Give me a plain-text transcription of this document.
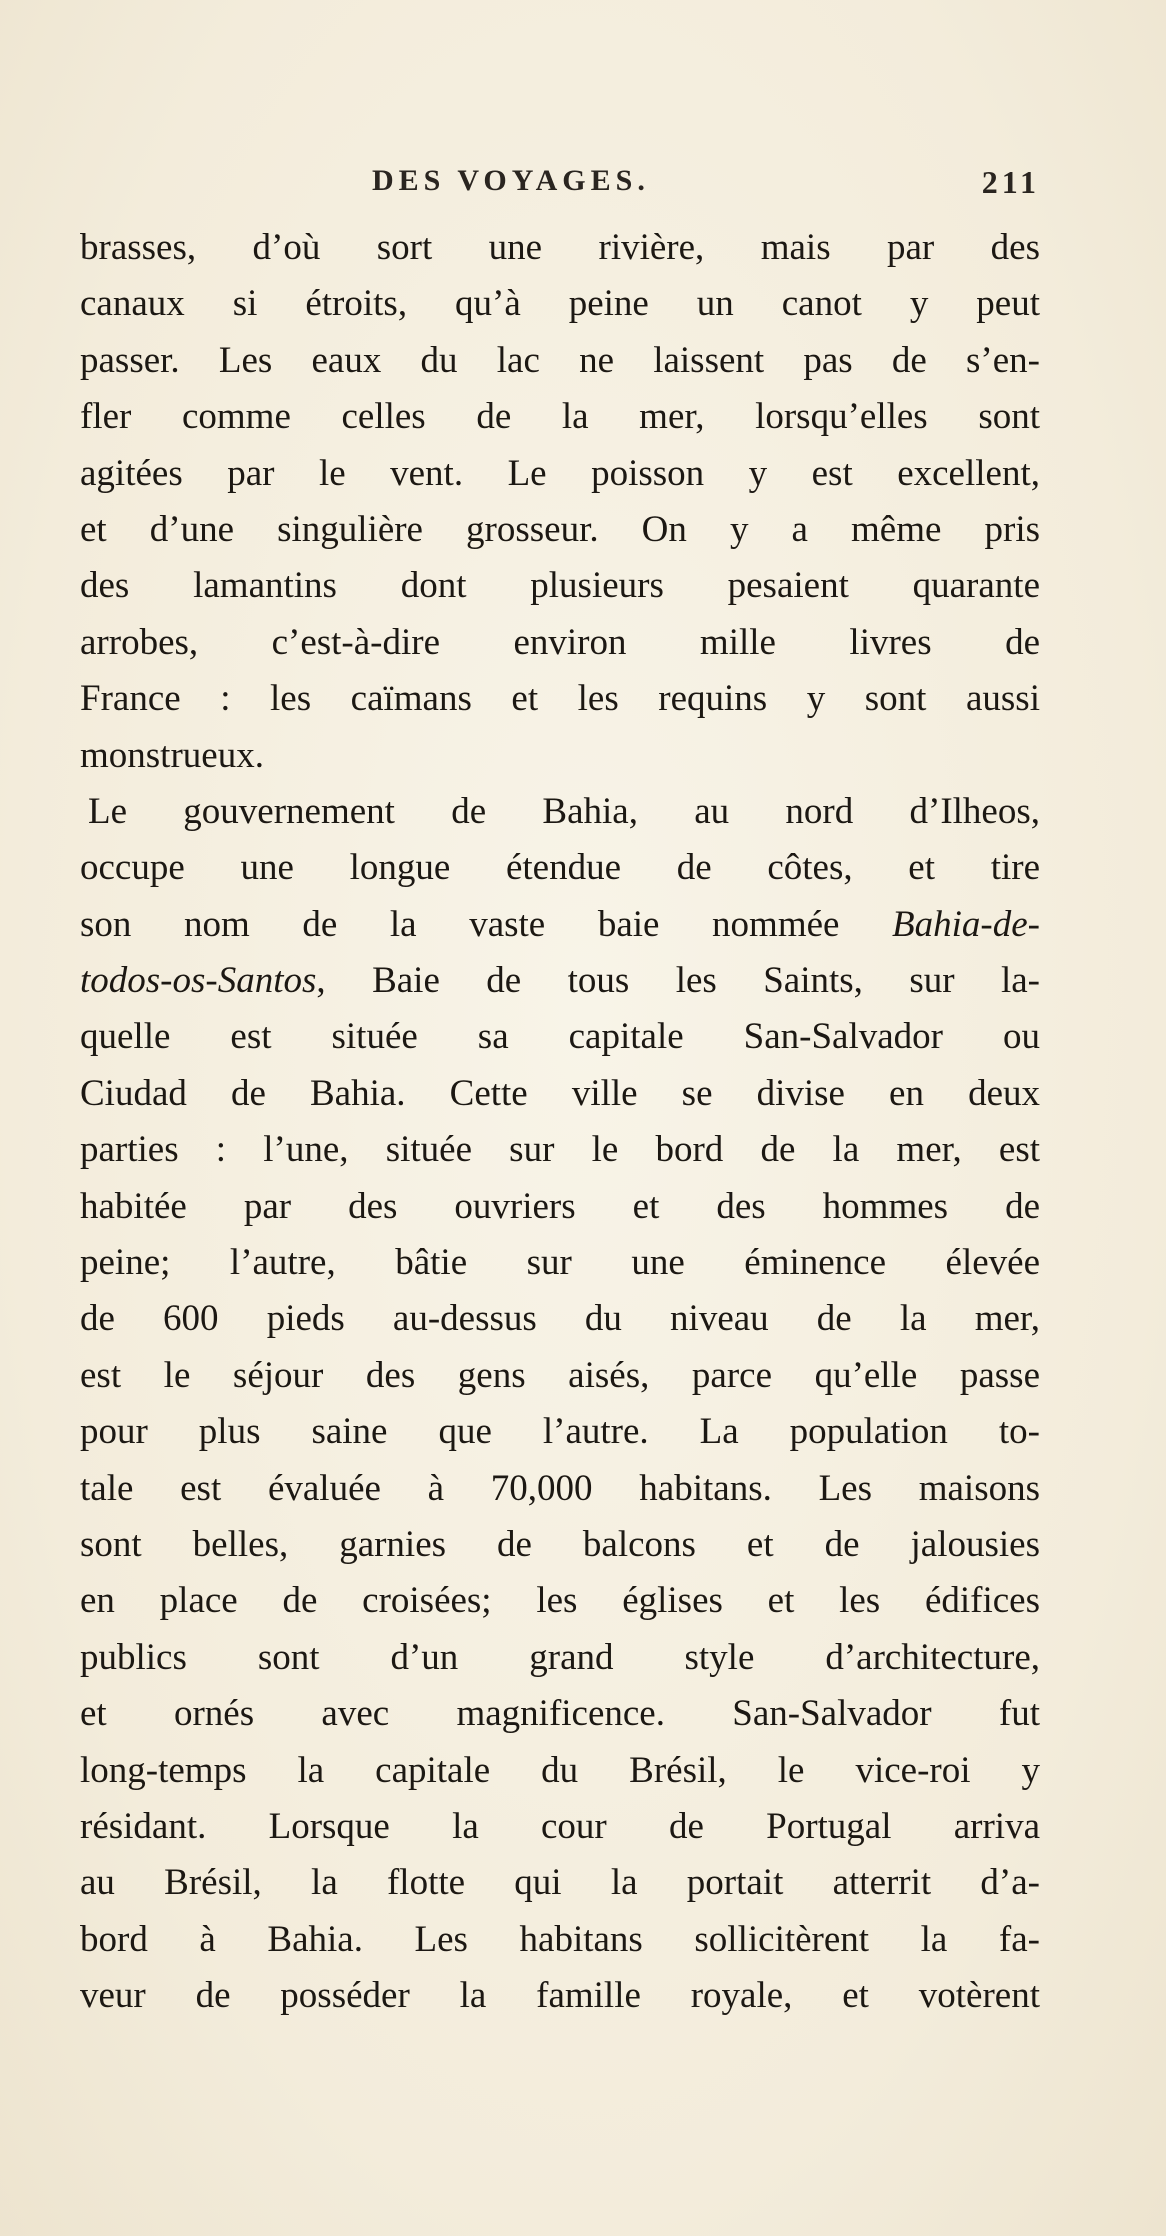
DES VOYAGES.	211
brasses, d’où sort une rivière, mais par des
canaux si étroits, qu’à peine un canot y peut
passer. Les eaux du lac ne laissent pas de s’en-
fler comme celles de la mer, lorsqu’elles sont
agitées par le vent. Le poisson y est excellent,
et d’une singulière grosseur. On y a même pris
des lamantins dont plusieurs pesaient quarante
arrobes, c’est-à-dire environ mille livres de
France : les caïmans et les requins y sont aussi
monstrueux.
Le gouvernement de Bahia, au nord d’Ilheos,
occupe une longue étendue de côtes, et tire
son nom de la vaste baie nommée Bahia-de-
todos-os-Santos, Baie de tous les Saints, sur la-
quelle est située sa capitale San-Salvador ou
Ciudad de Bahia. Cette ville se divise en deux
parties : l’une, située sur le bord de la mer, est
habitée par des ouvriers et des hommes de
peine; l’autre, bâtie sur une éminence élevée
de 600 pieds au-dessus du niveau de la mer,
est le séjour des gens aisés, parce qu’elle passe
pour plus saine que l’autre. La population to-
tale est évaluée à 70,000 habitans. Les maisons
sont belles, garnies de balcons et de jalousies
en place de croisées; les églises et les édifices
publics sont d’un grand style d’architecture,
et ornés avec magnificence. San-Salvador fut
long-temps la capitale du Brésil, le vice-roi y
résidant. Lorsque la cour de Portugal arriva
au Brésil, la flotte qui la portait atterrit d’a-
bord à Bahia. Les habitans sollicitèrent la fa-
veur de posséder la famille royale, et votèrent
